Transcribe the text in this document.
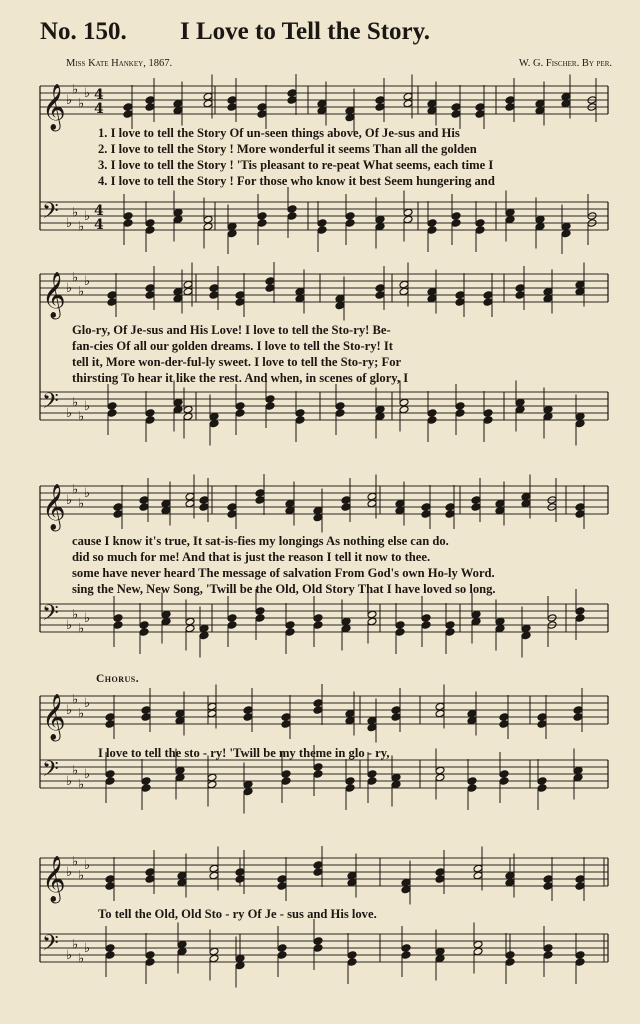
No. 150. I Love to Tell the Story.
Miss Kate Hankey, 1867.	W. G. Fischer. By per.
𝄞 ♭
♭
♭
♭
𝄢 ♭
♭
♭
♭
4
4
4
4
1. I love to tell the Story Of un-seen things above, Of Je-sus and His
2. I love to tell the Story ! More wonderful it seems Than all the golden
3. I love to tell the Story ! 'Tis pleasant to re-peat What seems, each time I
4. I love to tell the Story ! For those who know it best Seem hungering and
𝄞 ♭
♭
♭
♭
𝄢 ♭
♭
♭
♭
Glo-ry, Of Je-sus and His Love! I love to tell the Sto-ry! Be-
fan-cies Of all our golden dreams. I love to tell the Sto-ry! It
tell it, More won-der-ful-ly sweet. I love to tell the Sto-ry; For
thirsting To hear it like the rest. And when, in scenes of glory, I
𝄞 ♭
♭
♭
♭
𝄢 ♭
♭
♭
♭
cause I know it's true, It sat-is-fies my longings As nothing else can do.
did so much for me! And that is just the reason I tell it now to thee.
some have never heard The message of salvation From God's own Ho-ly Word.
sing the New, New Song, 'Twill be the Old, Old Story That I have loved so long.
Chorus.
𝄞 ♭
♭
♭
♭
𝄢 ♭
♭
♭
♭
I love to tell the sto - ry! 'Twill be my theme in glo - ry,
𝄞 ♭
♭
♭
♭
𝄢 ♭
♭
♭
♭
To tell the Old, Old Sto - ry Of Je - sus and His love.
